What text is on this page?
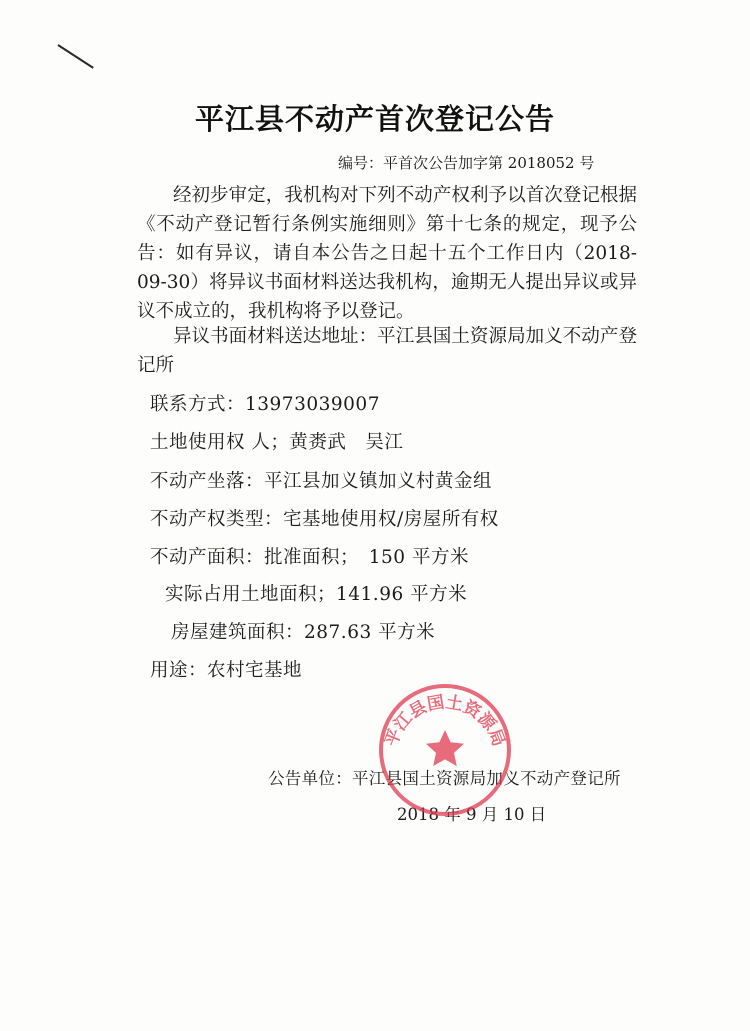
平江县不动产首次登记公告
编号：平首次公告加字第 2018052 号
经初步审定，我机构对下列不动产权利予以首次登记根据《不动产登记暂行条例实施细则》第十七条的规定，现予公告：如有异议，请自本公告之日起十五个工作日内（2018-09-30）将异议书面材料送达我机构，逾期无人提出异议或异议不成立的，我机构将予以登记。
异议书面材料送达地址：平江县国土资源局加义不动产登记所
联系方式：13973039007
土地使用权 人；黄赉武　吴江
不动产坐落：平江县加义镇加义村黄金组
不动产权类型：宅基地使用权/房屋所有权
不动产面积：批准面积；　150 平方米
实际占用土地面积；141.96 平方米
房屋建筑面积：287.63 平方米
用途：农村宅基地
公告单位：平江县国土资源局加义不动产登记所
2018 年 9 月 10 日
平江县国土资源局
